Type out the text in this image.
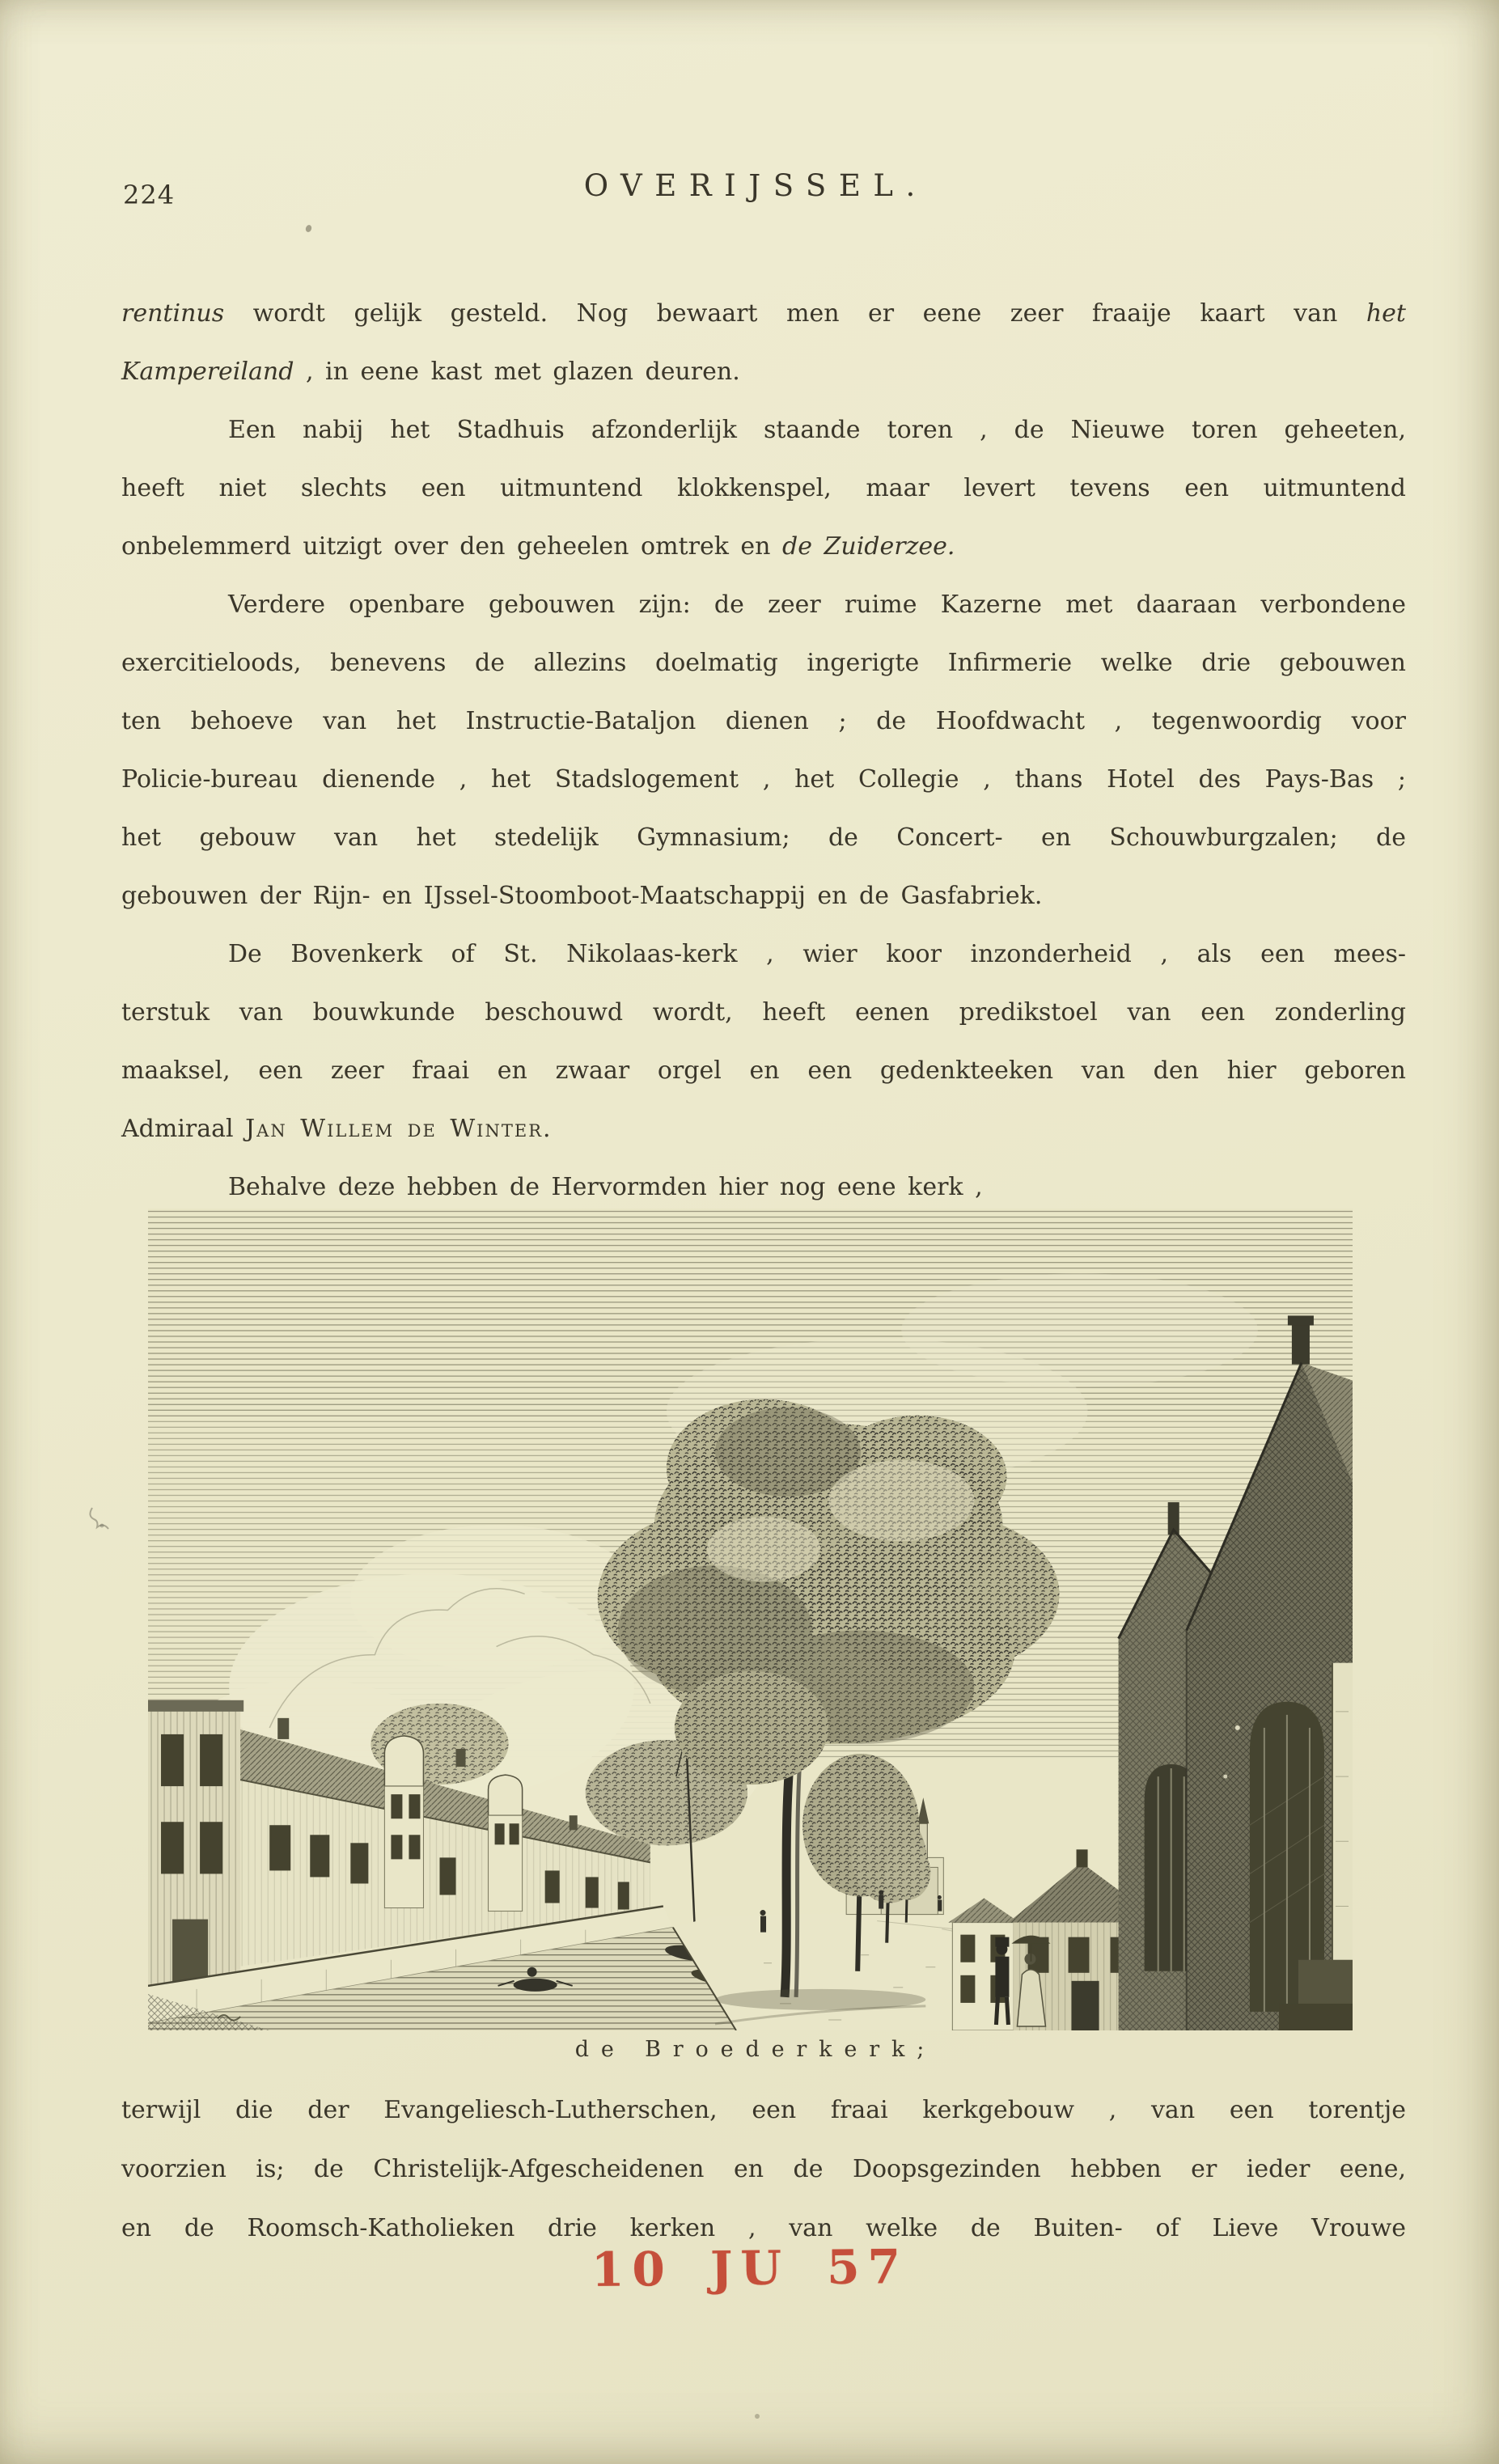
224	OVERIJSSEL.
rentinus wordt gelijk gesteld. Nog bewaart men er eene zeer fraaije kaart van het
Kampereiland , in eene kast met glazen deuren.
Een nabij het Stadhuis afzonderlijk staande toren , de Nieuwe toren geheeten,
heeft niet slechts een uitmuntend klokkenspel, maar levert tevens een uitmuntend
onbelemmerd uitzigt over den geheelen omtrek en de Zuiderzee.
Verdere openbare gebouwen zijn: de zeer ruime Kazerne met daaraan verbondene
exercitieloods, benevens de allezins doelmatig ingerigte Infirmerie welke drie gebouwen
ten behoeve van het Instructie-Bataljon dienen ; de Hoofdwacht , tegenwoordig voor
Policie-bureau dienende , het Stadslogement , het Collegie , thans Hotel des Pays-Bas ;
het gebouw van het stedelijk Gymnasium; de Concert- en Schouwburgzalen; de
gebouwen der Rijn- en IJssel-Stoomboot-Maatschappij en de Gasfabriek.
De Bovenkerk of St. Nikolaas-kerk , wier koor inzonderheid , als een mees-
terstuk van bouwkunde beschouwd wordt, heeft eenen predikstoel van een zonderling
maaksel, een zeer fraai en zwaar orgel en een gedenkteeken van den hier geboren
Admiraal Jan Willem de Winter.
Behalve deze hebben de Hervormden hier nog eene kerk ,
de Broederkerk;
terwijl die der Evangeliesch-Lutherschen, een fraai kerkgebouw , van een torentje
voorzien is; de Christelijk-Afgescheidenen en de Doopsgezinden hebben er ieder eene,
en de Roomsch-Katholieken drie kerken , van welke de Buiten- of Lieve Vrouwe
10 JU 57
